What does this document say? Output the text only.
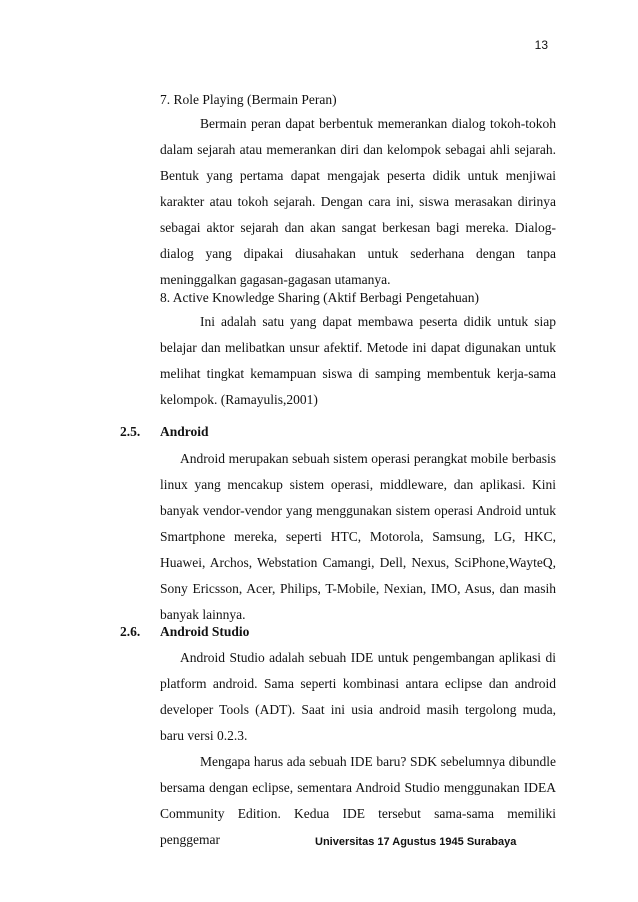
13
7. Role Playing (Bermain Peran)

Bermain peran dapat berbentuk memerankan dialog tokoh-tokoh dalam sejarah atau memerankan diri dan kelompok sebagai ahli sejarah. Bentuk yang pertama dapat mengajak peserta didik untuk menjiwai karakter atau tokoh sejarah. Dengan cara ini, siswa merasakan dirinya sebagai aktor sejarah dan akan sangat berkesan bagi mereka. Dialog-dialog yang dipakai diusahakan untuk sederhana dengan tanpa meninggalkan gagasan-gagasan utamanya.

8. Active Knowledge Sharing (Aktif Berbagi Pengetahuan)

Ini adalah satu yang dapat membawa peserta didik untuk siap belajar dan melibatkan unsur afektif. Metode ini dapat digunakan untuk melihat tingkat kemampuan siswa di samping membentuk kerja-sama kelompok. (Ramayulis,2001)

2.5. Android

Android merupakan sebuah sistem operasi perangkat mobile berbasis linux yang mencakup sistem operasi, middleware, dan aplikasi. Kini banyak vendor-vendor yang menggunakan sistem operasi Android untuk Smartphone mereka, seperti HTC, Motorola, Samsung, LG, HKC, Huawei, Archos, Webstation Camangi, Dell, Nexus, SciPhone,WayteQ, Sony Ericsson, Acer, Philips, T-Mobile, Nexian, IMO, Asus, dan masih banyak lainnya.

2.6. Android Studio

Android Studio adalah sebuah IDE untuk pengembangan aplikasi di platform android. Sama seperti kombinasi antara eclipse dan android developer Tools (ADT). Saat ini usia android masih tergolong muda, baru versi 0.2.3.

Mengapa harus ada sebuah IDE baru? SDK sebelumnya dibundle bersama dengan eclipse, sementara Android Studio menggunakan IDEA Community Edition. Kedua IDE tersebut sama-sama memiliki penggemar	Universitas 17 Agustus 1945 Surabaya
